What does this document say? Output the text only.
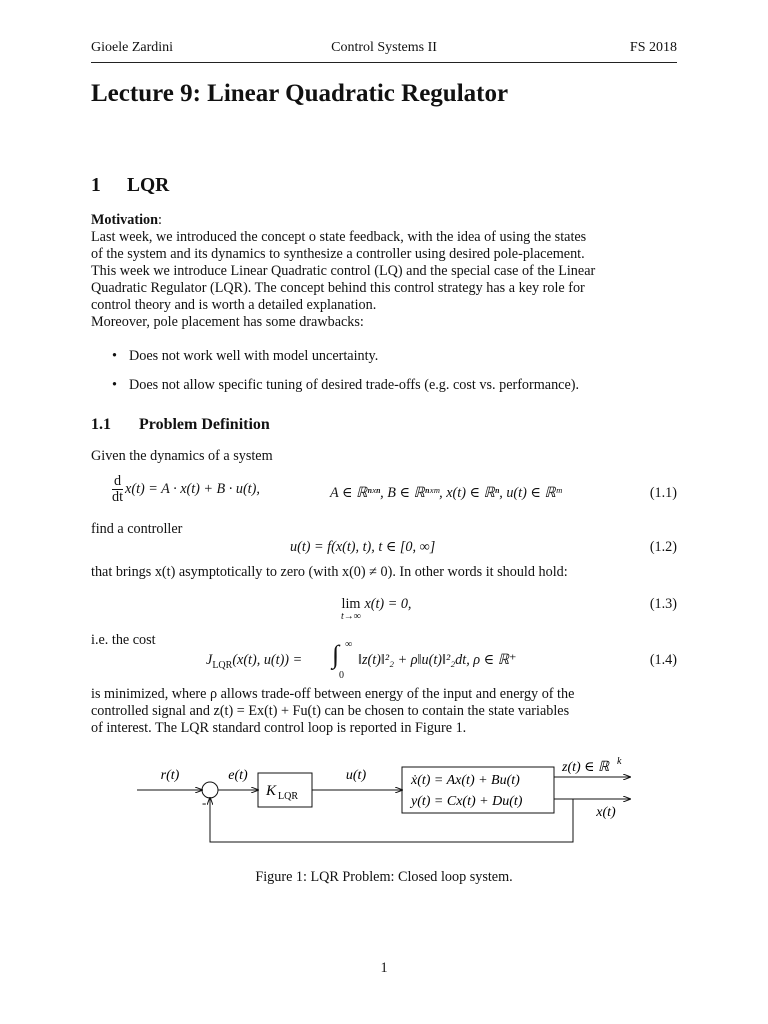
Gioele Zardini	Control Systems II	FS 2018
Lecture 9: Linear Quadratic Regulator
1 LQR
Motivation:
Last week, we introduced the concept o state feedback, with the idea of using the states
of the system and its dynamics to synthesize a controller using desired pole-placement.
This week we introduce Linear Quadratic control (LQ) and the special case of the Linear
Quadratic Regulator (LQR). The concept behind this control strategy has a key role for
control theory and is worth a detailed explanation.
Moreover, pole placement has some drawbacks:
• Does not work well with model uncertainty.
• Does not allow specific tuning of desired trade-offs (e.g. cost vs. performance).
1.1 Problem Definition
Given the dynamics of a system
$\frac{d}{dt} x(t) = A \cdot x(t) + B \cdot u(t)$,	A ∈ ℝⁿˣⁿ, B ∈ ℝⁿˣᵐ, x(t) ∈ ℝⁿ, u(t) ∈ ℝᵐ	(1.1)
find a controller
u(t) = f(x(t), t), t ∈ [0, ∞]	(1.2)
that brings x(t) asymptotically to zero (with x(0) ≠ 0). In other words it should hold:
lim
t→∞
x(t) = 0,	(1.3)
i.e. the cost
$J_{LQR}(x(t)$, u(t)) = ∫ ∞
0
‖z(t)‖²₂ + ρ‖u(t)‖²₂dt, ρ ∈ ℝ⁺	(1.4)
is minimized, where ρ allows trade-off between energy of the input and energy of the
controlled signal and z(t) = Ex(t) + Fu(t) can be chosen to contain the state variables
of interest. The LQR standard control loop is reported in Figure 1.
r(t)
-
e(t)
K LQR
u(t)	ẋ(t) = Ax(t) + Bu(t)
y(t) = Cx(t) + Du(t)
z(t) ∈ ℝ k
x(t)
Figure 1: LQR Problem: Closed loop system.
1
